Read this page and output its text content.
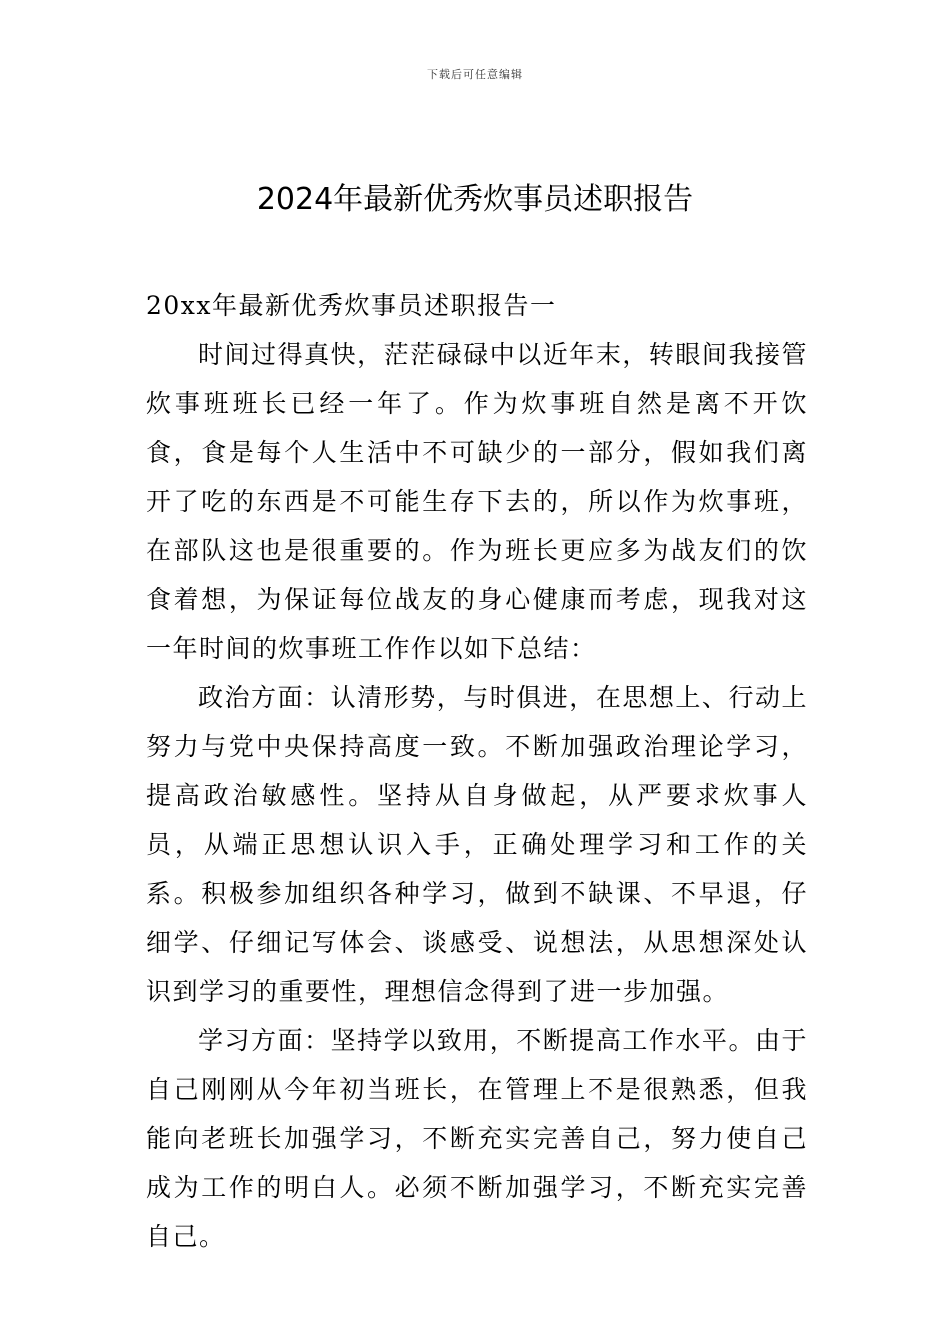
下载后可任意编辑
2024年最新优秀炊事员述职报告

20xx年最新优秀炊事员述职报告一

时间过得真快，茫茫碌碌中以近年末，转眼间我接管炊事班班长已经一年了。作为炊事班自然是离不开饮食，食是每个人生活中不可缺少的一部分，假如我们离开了吃的东西是不可能生存下去的，所以作为炊事班，在部队这也是很重要的。作为班长更应多为战友们的饮食着想，为保证每位战友的身心健康而考虑，现我对这一年时间的炊事班工作作以如下总结：

政治方面：认清形势，与时俱进，在思想上、行动上努力与党中央保持高度一致。不断加强政治理论学习，提高政治敏感性。坚持从自身做起，从严要求炊事人员，从端正思想认识入手，正确处理学习和工作的关系。积极参加组织各种学习，做到不缺课、不早退，仔细学、仔细记写体会、谈感受、说想法，从思想深处认识到学习的重要性，理想信念得到了进一步加强。

学习方面：坚持学以致用，不断提高工作水平。由于自己刚刚从今年初当班长，在管理上不是很熟悉，但我能向老班长加强学习，不断充实完善自己，努力使自己成为工作的明白人。必须不断加强学习，不断充实完善自己。
